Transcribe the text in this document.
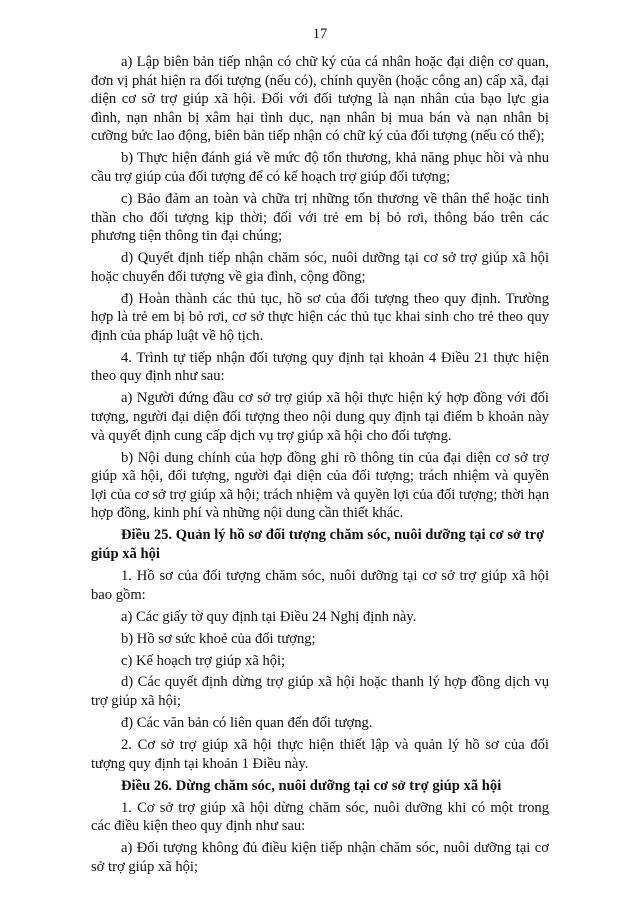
17

a) Lập biên bản tiếp nhận có chữ ký của cá nhân hoặc đại diện cơ quan, đơn vị phát hiện ra đối tượng (nếu có), chính quyền (hoặc công an) cấp xã, đại diện cơ sở trợ giúp xã hội. Đối với đối tượng là nạn nhân của bạo lực gia đình, nạn nhân bị xâm hại tình dục, nạn nhân bị mua bán và nạn nhân bị cưỡng bức lao động, biên bản tiếp nhận có chữ ký của đối tượng (nếu có thể);

b) Thực hiện đánh giá về mức độ tổn thương, khả năng phục hồi và nhu cầu trợ giúp của đối tượng để có kế hoạch trợ giúp đối tượng;

c) Bảo đảm an toàn và chữa trị những tổn thương về thân thể hoặc tinh thần cho đối tượng kịp thời; đối với trẻ em bị bỏ rơi, thông báo trên các phương tiện thông tin đại chúng;

d) Quyết định tiếp nhận chăm sóc, nuôi dưỡng tại cơ sở trợ giúp xã hội hoặc chuyển đối tượng về gia đình, cộng đồng;

đ) Hoàn thành các thủ tục, hồ sơ của đối tượng theo quy định. Trường hợp là trẻ em bị bỏ rơi, cơ sở thực hiện các thủ tục khai sinh cho trẻ theo quy định của pháp luật về hộ tịch.

4. Trình tự tiếp nhận đối tượng quy định tại khoản 4 Điều 21 thực hiện theo quy định như sau:

a) Người đứng đầu cơ sở trợ giúp xã hội thực hiện ký hợp đồng với đối tượng, người đại diện đối tượng theo nội dung quy định tại điểm b khoản này và quyết định cung cấp dịch vụ trợ giúp xã hội cho đối tượng.

b) Nội dung chính của hợp đồng ghi rõ thông tin của đại diện cơ sở trợ giúp xã hội, đối tượng, người đại diện của đối tượng; trách nhiệm và quyền lợi của cơ sở trợ giúp xã hội; trách nhiệm và quyền lợi của đối tượng; thời hạn hợp đồng, kinh phí và những nội dung cần thiết khác.

Điều 25. Quản lý hồ sơ đối tượng chăm sóc, nuôi dưỡng tại cơ sở trợ giúp xã hội

1. Hồ sơ của đối tượng chăm sóc, nuôi dưỡng tại cơ sở trợ giúp xã hội bao gồm:

a) Các giấy tờ quy định tại Điều 24 Nghị định này.

b) Hồ sơ sức khoẻ của đối tượng;

c) Kế hoạch trợ giúp xã hội;

d) Các quyết định dừng trợ giúp xã hội hoặc thanh lý hợp đồng dịch vụ trợ giúp xã hội;

đ) Các văn bản có liên quan đến đối tượng.

2. Cơ sở trợ giúp xã hội thực hiện thiết lập và quản lý hồ sơ của đối tượng quy định tại khoản 1 Điều này.

Điều 26. Dừng chăm sóc, nuôi dưỡng tại cơ sở trợ giúp xã hội

1. Cơ sở trợ giúp xã hội dừng chăm sóc, nuôi dưỡng khi có một trong các điều kiện theo quy định như sau:

a) Đối tượng không đủ điều kiện tiếp nhận chăm sóc, nuôi dưỡng tại cơ sở trợ giúp xã hội;
